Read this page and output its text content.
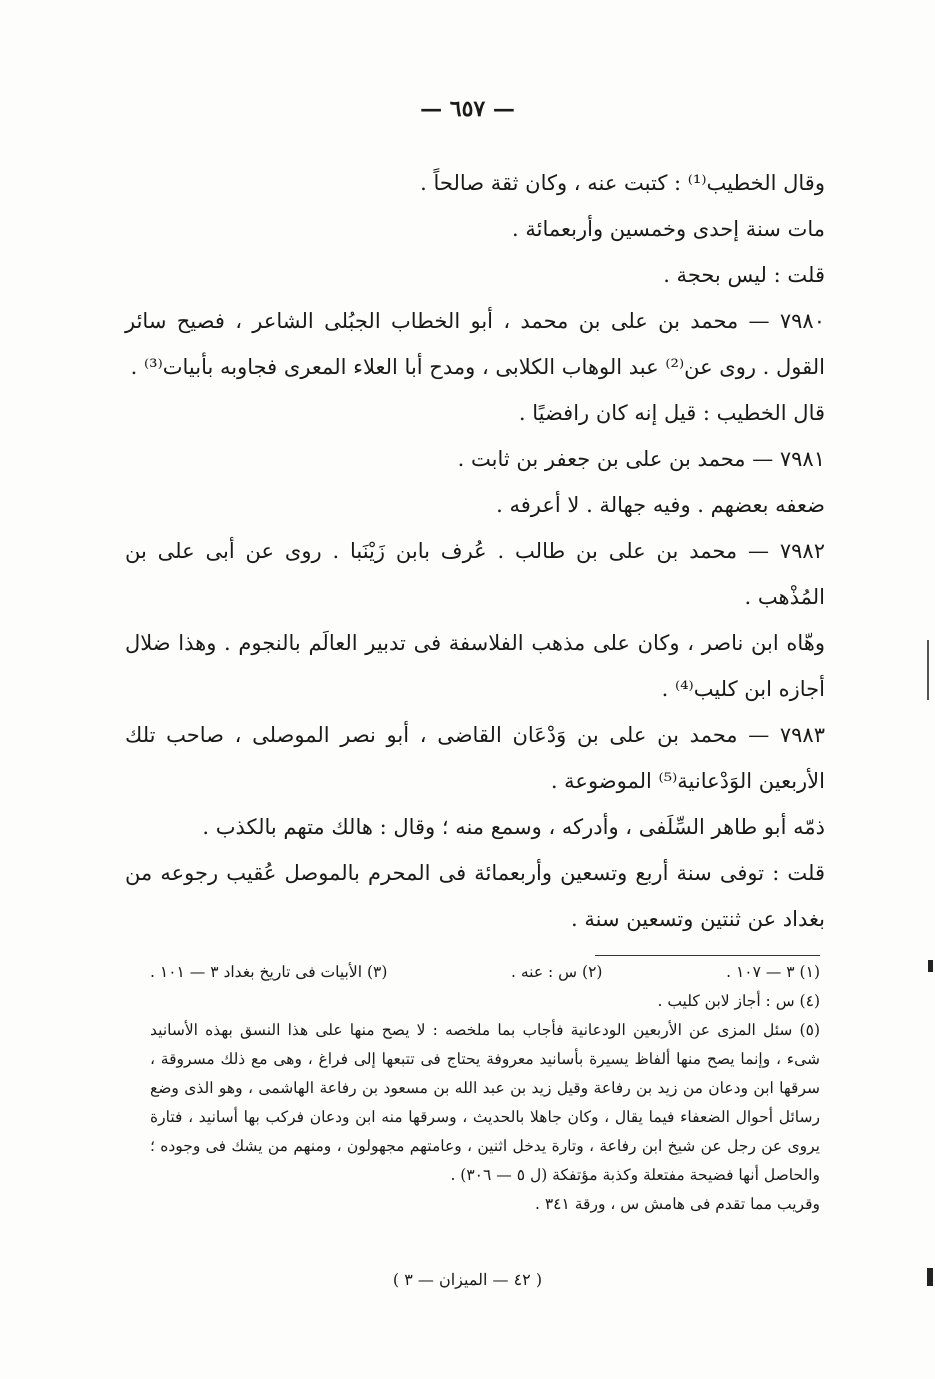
— ٦٥٧ —

وقال الخطيب⁽¹⁾ : كتبت عنه ، وكان ثقة صالحاً .

مات سنة إحدى وخمسين وأربعمائة .

قلت : ليس بحجة .

٧٩٨٠ — محمد بن على بن محمد ، أبو الخطاب الجبُلى الشاعر ، فصيح سائر القول . روى عن⁽²⁾ عبد الوهاب الكلابى ، ومدح أبا العلاء المعرى فجاوبه بأبيات⁽³⁾ .

قال الخطيب : قيل إنه كان رافضيًا .

٧٩٨١ — محمد بن على بن جعفر بن ثابت .

ضعفه بعضهم . وفيه جهالة . لا أعرفه .

٧٩٨٢ — محمد بن على بن طالب . عُرف بابن زَيْنَبا . روى عن أبى على بن المُذْهب .

وهّاه ابن ناصر ، وكان على مذهب الفلاسفة فى تدبير العالَم بالنجوم . وهذا ضلال أجازه ابن كليب⁽⁴⁾ .

٧٩٨٣ — محمد بن على بن وَدْعَان القاضى ، أبو نصر الموصلى ، صاحب تلك الأربعين الوَدْعانية⁽⁵⁾ الموضوعة .

ذمّه أبو طاهر السِّلَفى ، وأدركه ، وسمع منه ؛ وقال : هالك متهم بالكذب .

قلت : توفى سنة أربع وتسعين وأربعمائة فى المحرم بالموصل عُقيب رجوعه من بغداد عن ثنتين وتسعين سنة .

(١) ٣ — ١٠٧ .
(٢) س : عنه .
(٣) الأبيات فى تاريخ بغداد ٣ — ١٠١ .

(٤) س : أجاز لابن كليب .

(٥) سئل المزى عن الأربعين الودعانية فأجاب بما ملخصه : لا يصح منها على هذا النسق بهذه الأسانيد شىء ، وإنما يصح منها ألفاظ يسيرة بأسانيد معروفة يحتاج فى تتبعها إلى فراغ ، وهى مع ذلك مسروقة ، سرقها ابن ودعان من زيد بن رفاعة وقيل زيد بن عبد الله بن مسعود بن رفاعة الهاشمى ، وهو الذى وضع رسائل أحوال الضعفاء فيما يقال ، وكان جاهلا بالحديث ، وسرقها منه ابن ودعان فركب بها أسانيد ، فتارة يروى عن رجل عن شيخ ابن رفاعة ، وتارة يدخل اثنين ، وعامتهم مجهولون ، ومنهم من يشك فى وجوده ؛ والحاصل أنها فضيحة مفتعلة وكذبة مؤتفكة (ل ٥ — ٣٠٦) .

وقريب مما تقدم فى هامش س ، ورقة ٣٤١ .

( ٤٢ — الميزان — ٣ )
